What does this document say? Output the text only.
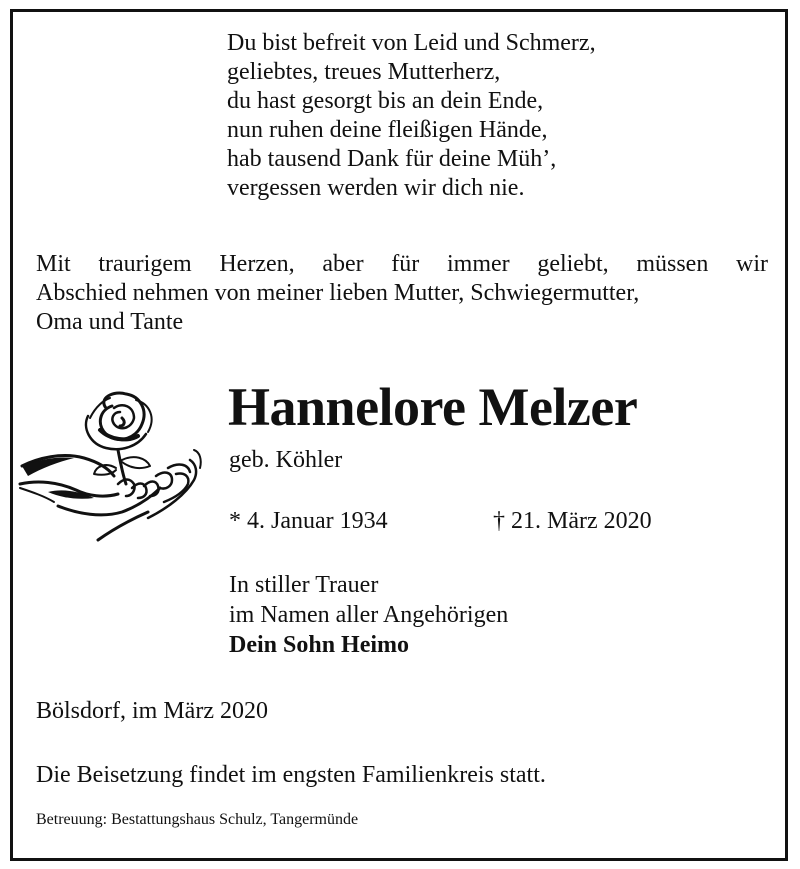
Du bist befreit von Leid und Schmerz,
geliebtes, treues Mutterherz,
du hast gesorgt bis an dein Ende,
nun ruhen deine fleißigen Hände,
hab tausend Dank für deine Müh’,
vergessen werden wir dich nie.
Mit traurigem Herzen, aber für immer geliebt, müssen wir
Abschied nehmen von meiner lieben Mutter, Schwiegermutter,
Oma und Tante
Hannelore Melzer
geb. Köhler
* 4. Januar 1934	† 21. März 2020
In stiller Trauer
im Namen aller Angehörigen
Dein Sohn Heimo
Bölsdorf, im März 2020
Die Beisetzung findet im engsten Familienkreis statt.
Betreuung: Bestattungshaus Schulz, Tangermünde
